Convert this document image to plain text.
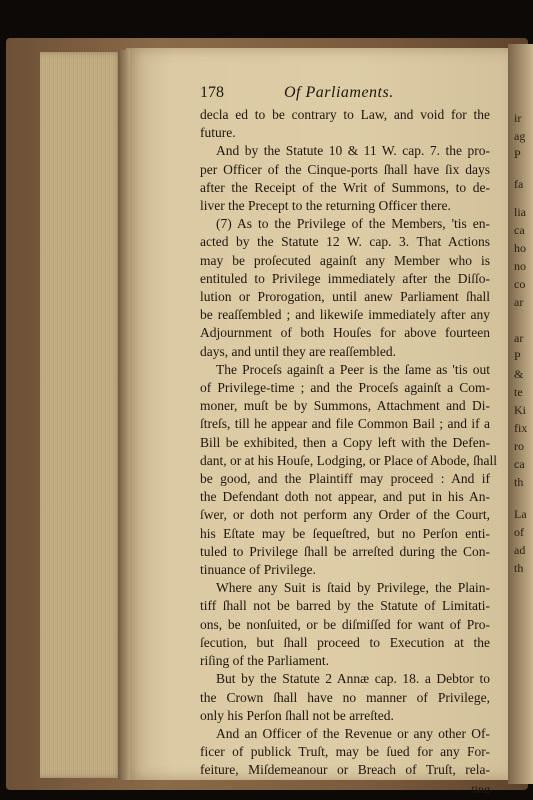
ir
ag
P
fa
lia
ca
ho
no
co
ar
ar
P
&
te
Ki
fix
ro
ca
th
La
of
ad
th
178	Of Parliaments.
decla ed to be contrary to Law, and void for the
future.
And by the Statute 10 & 11 W. cap. 7. the pro-
per Officer of the Cinque-ports ſhall have ſix days
after the Receipt of the Writ of Summons, to de-
liver the Precept to the returning Officer there.
(7) As to the Privilege of the Members, 'tis en-
acted by the Statute 12 W. cap. 3. That Actions
may be proſecuted againſt any Member who is
entituled to Privilege immediately after the Diſſo-
lution or Prorogation, until anew Parliament ſhall
be reaſſembled ; and likewiſe immediately after any
Adjournment of both Houſes for above fourteen
days, and until they are reaſſembled.
The Proceſs againſt a Peer is the ſame as 'tis out
of Privilege-time ; and the Proceſs againſt a Com-
moner, muſt be by Summons, Attachment and Di-
ſtreſs, till he appear and file Common Bail ; and if a
Bill be exhibited, then a Copy left with the Defen-
dant, or at his Houſe, Lodging, or Place of Abode, ſhall
be good, and the Plaintiff may proceed : And if
the Defendant doth not appear, and put in his An-
ſwer, or doth not perform any Order of the Court,
his Eſtate may be ſequeſtred, but no Perſon enti-
tuled to Privilege ſhall be arreſted during the Con-
tinuance of Privilege.
Where any Suit is ſtaid by Privilege, the Plain-
tiff ſhall not be barred by the Statute of Limitati-
ons, be nonſuited, or be diſmiſſed for want of Pro-
ſecution, but ſhall proceed to Execution at the
riſing of the Parliament.
But by the Statute 2 Annæ cap. 18. a Debtor to
the Crown ſhall have no manner of Privilege,
only his Perſon ſhall not be arreſted.
And an Officer of the Revenue or any other Of-
ficer of publick Truſt, may be ſued for any For-
feiture, Miſdemeanour or Breach of Truſt, rela-
ting
